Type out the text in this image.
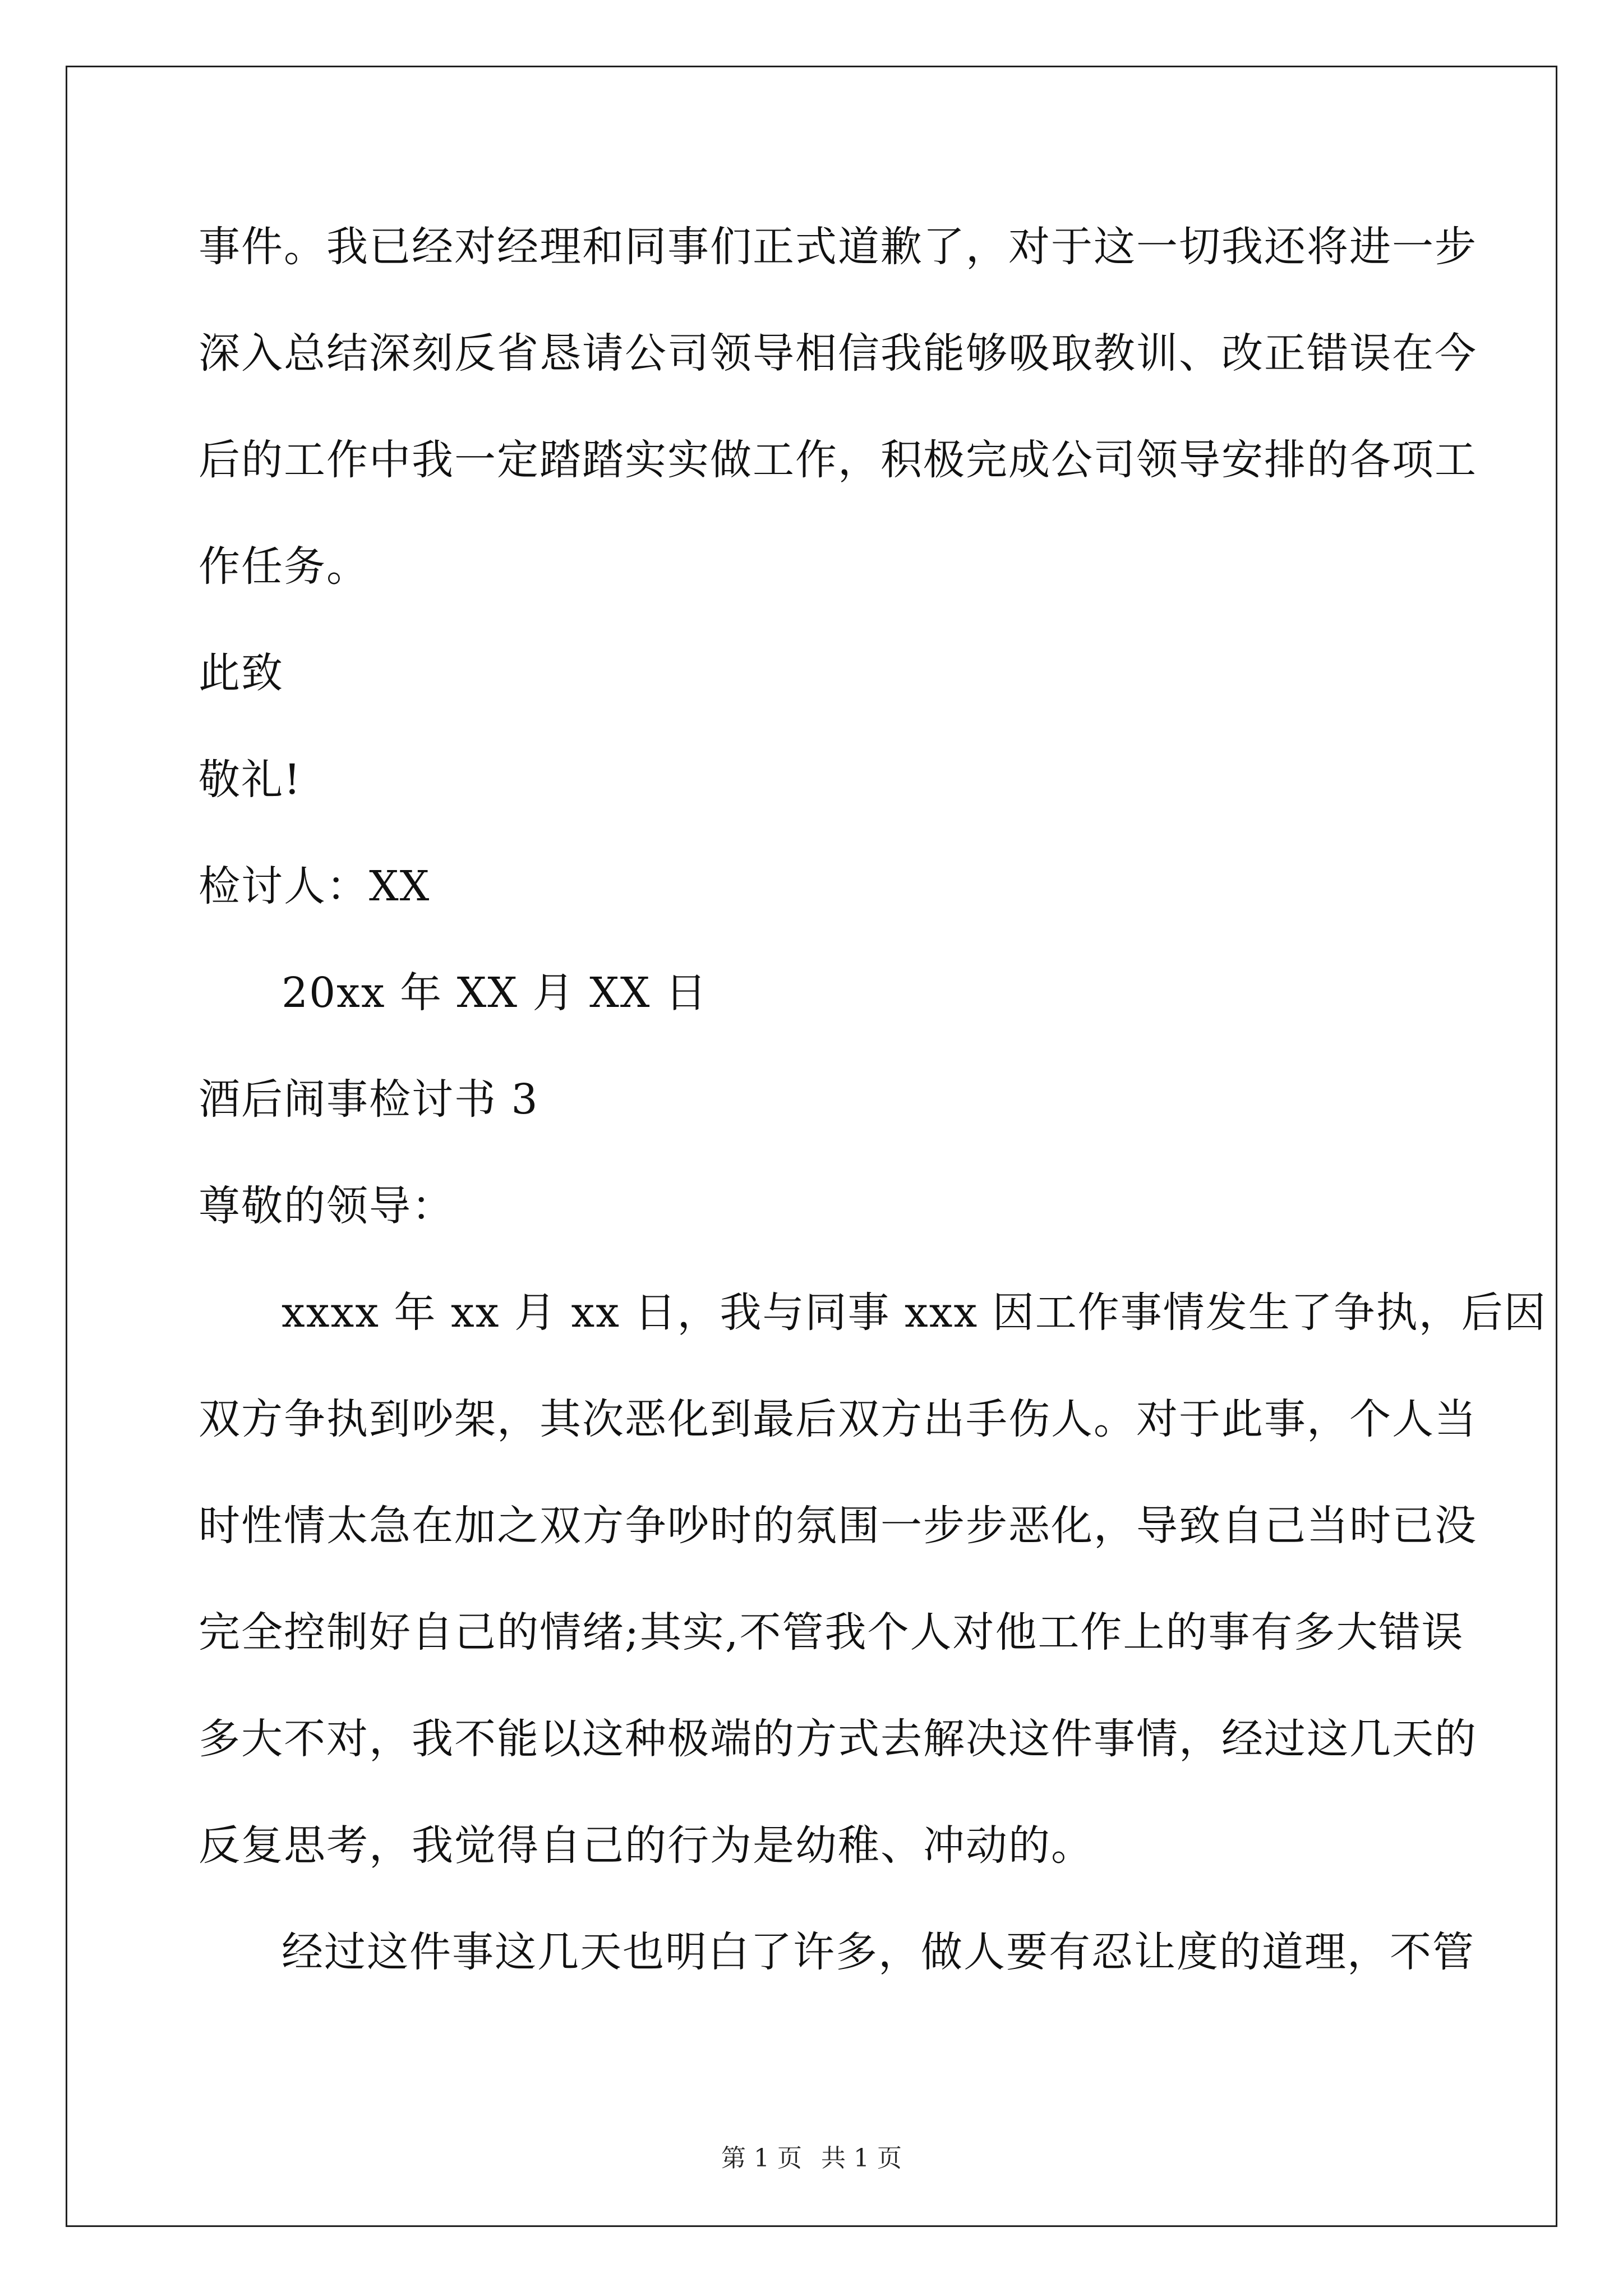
事件。我已经对经理和同事们正式道歉了，对于这一切我还将进一步
深入总结深刻反省恳请公司领导相信我能够吸取教训、改正错误在今
后的工作中我一定踏踏实实做工作，积极完成公司领导安排的各项工
作任务。
此致
敬礼!
检讨人：XX
20xx 年 XX 月 XX 日
酒后闹事检讨书 3
尊敬的领导：
xxxx 年 xx 月 xx 日，我与同事 xxx 因工作事情发生了争执，后因
双方争执到吵架，其次恶化到最后双方出手伤人。对于此事，个人当
时性情太急在加之双方争吵时的氛围一步步恶化，导致自己当时已没
完全控制好自己的情绪;其实,不管我个人对他工作上的事有多大错误
多大不对，我不能以这种极端的方式去解决这件事情，经过这几天的
反复思考，我觉得自己的行为是幼稚、冲动的。
经过这件事这几天也明白了许多，做人要有忍让度的道理，不管
第 1 页 共 1 页
